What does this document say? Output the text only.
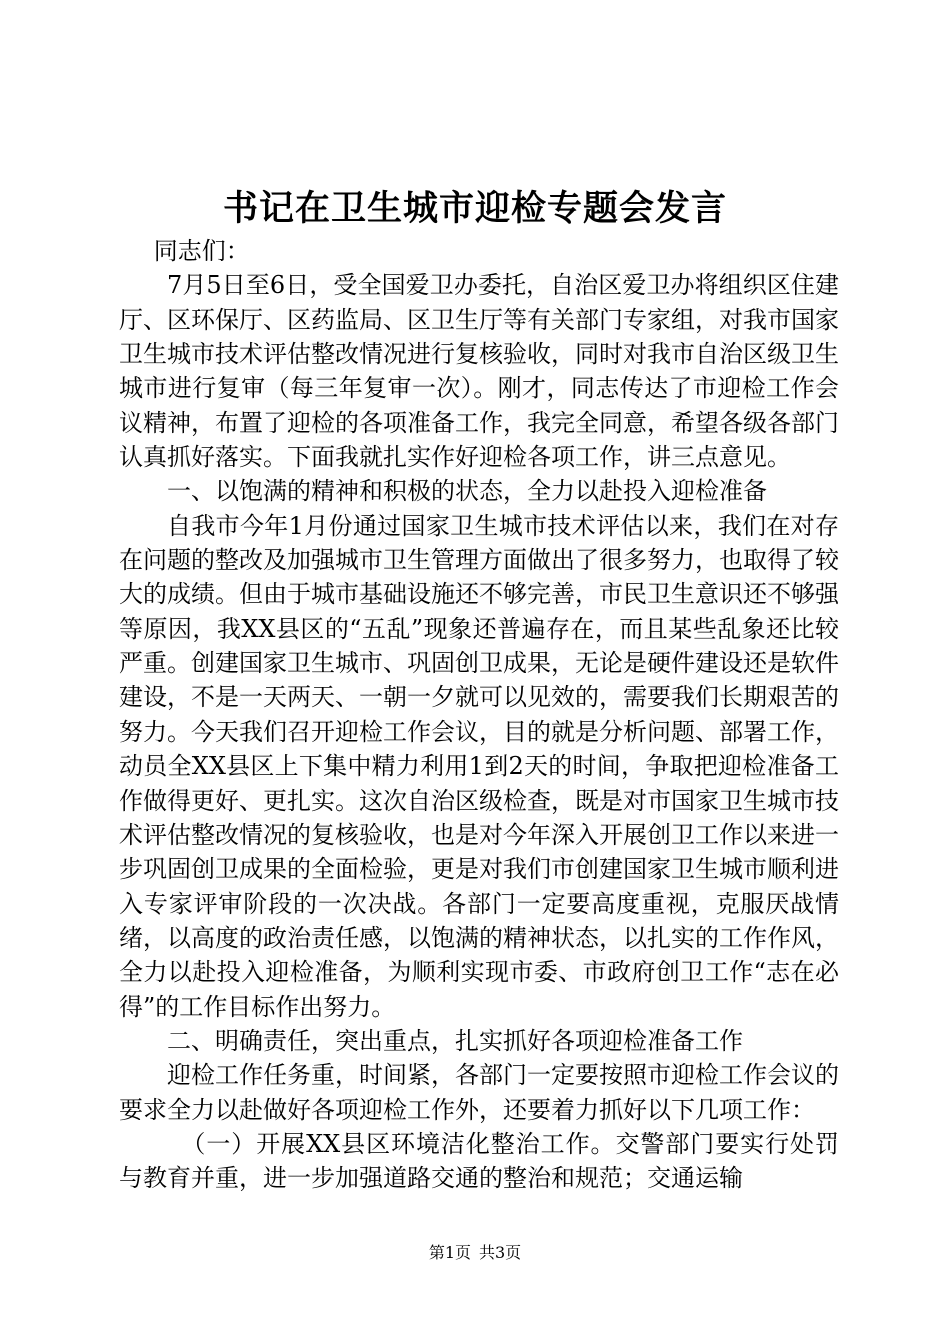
书记在卫生城市迎检专题会发言

同志们：

7月5日至6日，受全国爱卫办委托，自治区爱卫办将组织区住建厅、区环保厅、区药监局、区卫生厅等有关部门专家组，对我市国家卫生城市技术评估整改情况进行复核验收，同时对我市自治区级卫生城市进行复审（每三年复审一次）。刚才，同志传达了市迎检工作会议精神，布置了迎检的各项准备工作，我完全同意，希望各级各部门认真抓好落实。下面我就扎实作好迎检各项工作，讲三点意见。

一、以饱满的精神和积极的状态，全力以赴投入迎检准备

自我市今年1月份通过国家卫生城市技术评估以来，我们在对存在问题的整改及加强城市卫生管理方面做出了很多努力，也取得了较大的成绩。但由于城市基础设施还不够完善，市民卫生意识还不够强等原因，我XX县区的“五乱”现象还普遍存在，而且某些乱象还比较严重。创建国家卫生城市、巩固创卫成果，无论是硬件建设还是软件建设，不是一天两天、一朝一夕就可以见效的，需要我们长期艰苦的努力。今天我们召开迎检工作会议，目的就是分析问题、部署工作，动员全XX县区上下集中精力利用1到2天的时间，争取把迎检准备工作做得更好、更扎实。这次自治区级检查，既是对市国家卫生城市技术评估整改情况的复核验收，也是对今年深入开展创卫工作以来进一步巩固创卫成果的全面检验，更是对我们市创建国家卫生城市顺利进入专家评审阶段的一次决战。各部门一定要高度重视，克服厌战情绪，以高度的政治责任感，以饱满的精神状态，以扎实的工作作风，全力以赴投入迎检准备，为顺利实现市委、市政府创卫工作“志在必得”的工作目标作出努力。

二、明确责任，突出重点，扎实抓好各项迎检准备工作

迎检工作任务重，时间紧，各部门一定要按照市迎检工作会议的要求全力以赴做好各项迎检工作外，还要着力抓好以下几项工作：

（一）开展XX县区环境洁化整治工作。交警部门要实行处罚与教育并重，进一步加强道路交通的整治和规范；交通运输

第1页 共3页
